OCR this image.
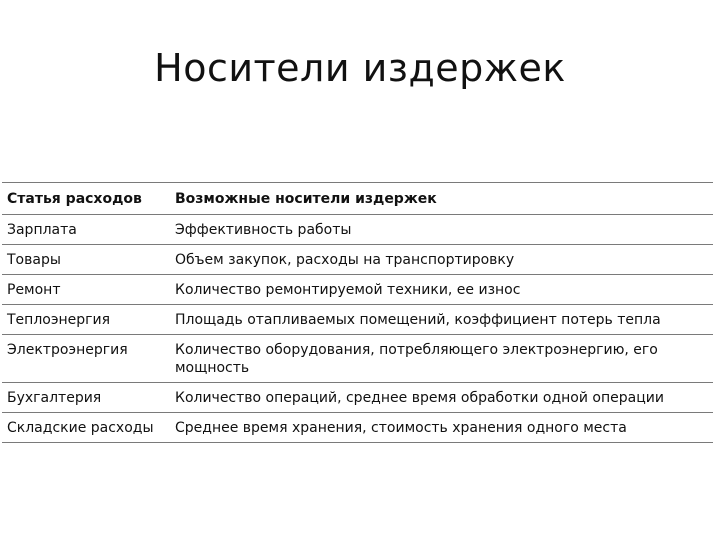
Носители издержек
Статья расходов	Возможные носители издержек
Зарплата	Эффективность работы
Товары	Объем закупок, расходы на транспортировку
Ремонт	Количество ремонтируемой техники, ее износ
Теплоэнергия	Площадь отапливаемых помещений, коэффициент потерь тепла
Электроэнергия	Количество оборудования, потребляющего электроэнергию, его мощность
Бухгалтерия	Количество операций, среднее время обработки одной операции
Складские расходы	Среднее время хранения, стоимость хранения одного места
